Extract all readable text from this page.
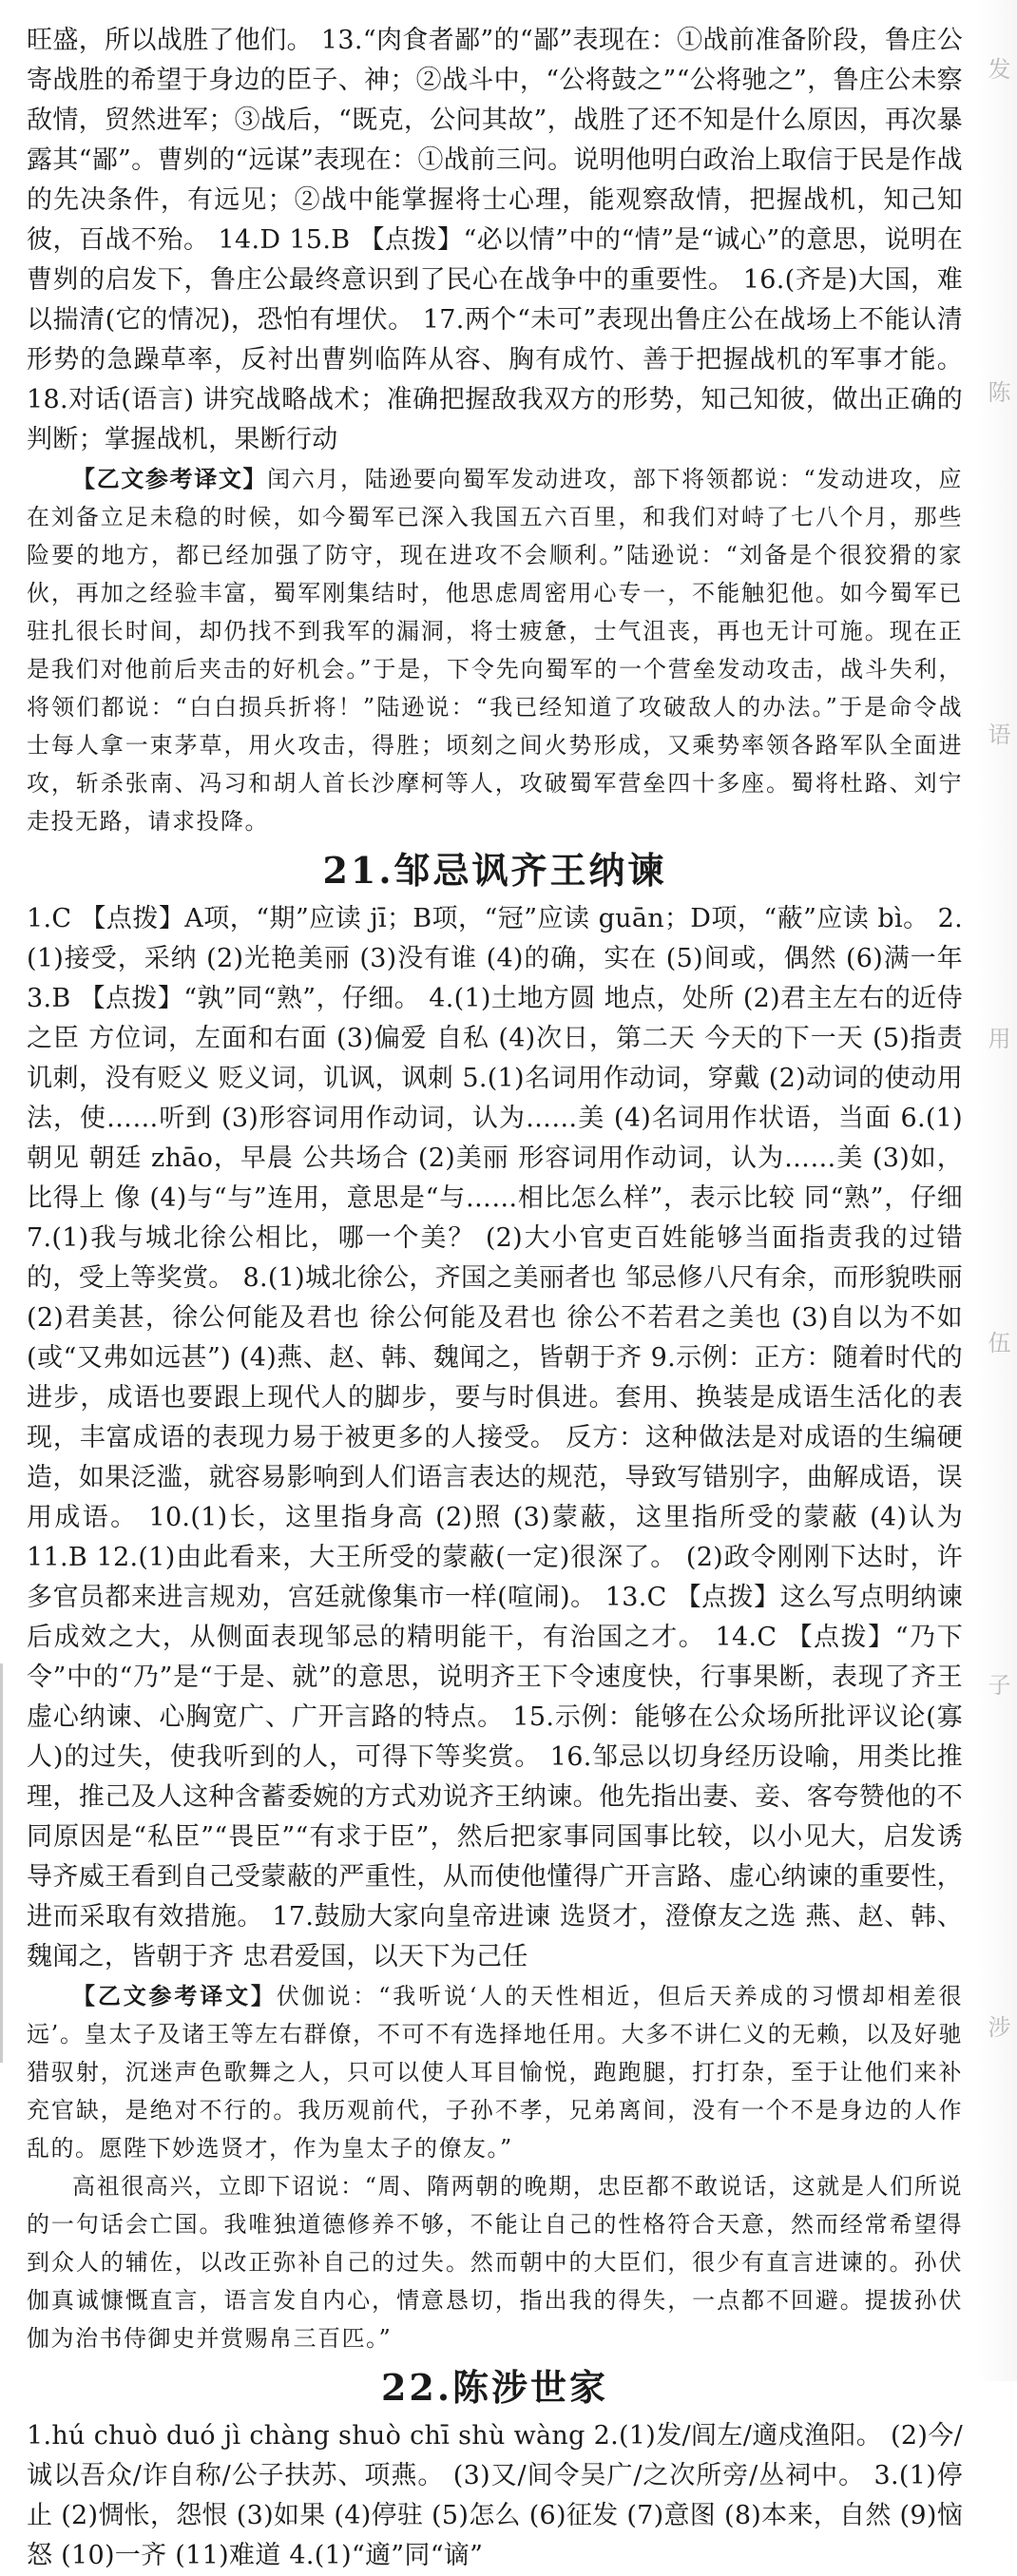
旺盛，所以战胜了他们。 13.“肉食者鄙”的“鄙”表现在：①战前准备阶段，鲁庄公寄战胜的希望于身边的臣子、神；②战斗中，“公将鼓之”“公将驰之”，鲁庄公未察敌情，贸然进军；③战后，“既克，公问其故”，战胜了还不知是什么原因，再次暴露其“鄙”。曹刿的“远谋”表现在：①战前三问。说明他明白政治上取信于民是作战的先决条件，有远见；②战中能掌握将士心理，能观察敌情，把握战机，知己知彼，百战不殆。 14.D 15.B 【点拨】“必以情”中的“情”是“诚心”的意思，说明在曹刿的启发下，鲁庄公最终意识到了民心在战争中的重要性。 16.(齐是)大国，难以揣清(它的情况)，恐怕有埋伏。 17.两个“未可”表现出鲁庄公在战场上不能认清形势的急躁草率，反衬出曹刿临阵从容、胸有成竹、善于把握战机的军事才能。 18.对话(语言) 讲究战略战术；准确把握敌我双方的形势，知己知彼，做出正确的判断；掌握战机，果断行动

【乙文参考译文】闰六月，陆逊要向蜀军发动进攻，部下将领都说：“发动进攻，应在刘备立足未稳的时候，如今蜀军已深入我国五六百里，和我们对峙了七八个月，那些险要的地方，都已经加强了防守，现在进攻不会顺利。”陆逊说：“刘备是个很狡猾的家伙，再加之经验丰富，蜀军刚集结时，他思虑周密用心专一，不能触犯他。如今蜀军已驻扎很长时间，却仍找不到我军的漏洞，将士疲惫，士气沮丧，再也无计可施。现在正是我们对他前后夹击的好机会。”于是，下令先向蜀军的一个营垒发动攻击，战斗失利，将领们都说：“白白损兵折将！”陆逊说：“我已经知道了攻破敌人的办法。”于是命令战士每人拿一束茅草，用火攻击，得胜；顷刻之间火势形成，又乘势率领各路军队全面进攻，斩杀张南、冯习和胡人首长沙摩柯等人，攻破蜀军营垒四十多座。蜀将杜路、刘宁走投无路，请求投降。

21.邹忌讽齐王纳谏

1.C 【点拨】A项，“期”应读 jī；B项，“冠”应读 guān；D项，“蔽”应读 bì。 2.(1)接受，采纳 (2)光艳美丽 (3)没有谁 (4)的确，实在 (5)间或，偶然 (6)满一年 3.B 【点拨】“孰”同“熟”，仔细。 4.(1)土地方圆 地点，处所 (2)君主左右的近侍之臣 方位词，左面和右面 (3)偏爱 自私 (4)次日，第二天 今天的下一天 (5)指责讥刺，没有贬义 贬义词，讥讽，讽刺 5.(1)名词用作动词，穿戴 (2)动词的使动用法，使……听到 (3)形容词用作动词，认为……美 (4)名词用作状语，当面 6.(1)朝见 朝廷 zhāo，早晨 公共场合 (2)美丽 形容词用作动词，认为……美 (3)如，比得上 像 (4)与“与”连用，意思是“与……相比怎么样”，表示比较 同“熟”，仔细 7.(1)我与城北徐公相比，哪一个美？ (2)大小官吏百姓能够当面指责我的过错的，受上等奖赏。 8.(1)城北徐公，齐国之美丽者也 邹忌修八尺有余，而形貌昳丽 (2)君美甚，徐公何能及君也 徐公何能及君也 徐公不若君之美也 (3)自以为不如(或“又弗如远甚”) (4)燕、赵、韩、魏闻之，皆朝于齐 9.示例：正方：随着时代的进步，成语也要跟上现代人的脚步，要与时俱进。套用、换装是成语生活化的表现，丰富成语的表现力易于被更多的人接受。 反方：这种做法是对成语的生编硬造，如果泛滥，就容易影响到人们语言表达的规范，导致写错别字，曲解成语，误用成语。 10.(1)长，这里指身高 (2)照 (3)蒙蔽，这里指所受的蒙蔽 (4)认为 11.B 12.(1)由此看来，大王所受的蒙蔽(一定)很深了。 (2)政令刚刚下达时，许多官员都来进言规劝，宫廷就像集市一样(喧闹)。 13.C 【点拨】这么写点明纳谏后成效之大，从侧面表现邹忌的精明能干，有治国之才。 14.C 【点拨】“乃下令”中的“乃”是“于是、就”的意思，说明齐王下令速度快，行事果断，表现了齐王虚心纳谏、心胸宽广、广开言路的特点。 15.示例：能够在公众场所批评议论(寡人)的过失，使我听到的人，可得下等奖赏。 16.邹忌以切身经历设喻，用类比推理，推己及人这种含蓄委婉的方式劝说齐王纳谏。他先指出妻、妾、客夸赞他的不同原因是“私臣”“畏臣”“有求于臣”，然后把家事同国事比较，以小见大，启发诱导齐威王看到自己受蒙蔽的严重性，从而使他懂得广开言路、虚心纳谏的重要性，进而采取有效措施。 17.鼓励大家向皇帝进谏 选贤才，澄僚友之选 燕、赵、韩、魏闻之，皆朝于齐 忠君爱国，以天下为己任

【乙文参考译文】伏伽说：“我听说‘人的天性相近，但后天养成的习惯却相差很远’。皇太子及诸王等左右群僚，不可不有选择地任用。大多不讲仁义的无赖，以及好驰猎驭射，沉迷声色歌舞之人，只可以使人耳目愉悦，跑跑腿，打打杂，至于让他们来补充官缺，是绝对不行的。我历观前代，子孙不孝，兄弟离间，没有一个不是身边的人作乱的。愿陛下妙选贤才，作为皇太子的僚友。”

高祖很高兴，立即下诏说：“周、隋两朝的晚期，忠臣都不敢说话，这就是人们所说的一句话会亡国。我唯独道德修养不够，不能让自己的性格符合天意，然而经常希望得到众人的辅佐，以改正弥补自己的过失。然而朝中的大臣们，很少有直言进谏的。孙伏伽真诚慷慨直言，语言发自内心，情意恳切，指出我的得失，一点都不回避。提拔孙伏伽为治书侍御史并赏赐帛三百匹。”

22.陈涉世家

1.hú chuò duó jì chàng shuò chī shù wàng 2.(1)发/闾左/適戍渔阳。 (2)今/诚以吾众/诈自称/公子扶苏、项燕。 (3)又/间令吴广/之次所旁/丛祠中。 3.(1)停止 (2)惆怅，怨恨 (3)如果 (4)停驻 (5)怎么 (6)征发 (7)意图 (8)本来，自然 (9)恼怒 (10)一齐 (11)难道 4.(1)“適”同“谪”

发
陈
语
用
伍
子
涉
